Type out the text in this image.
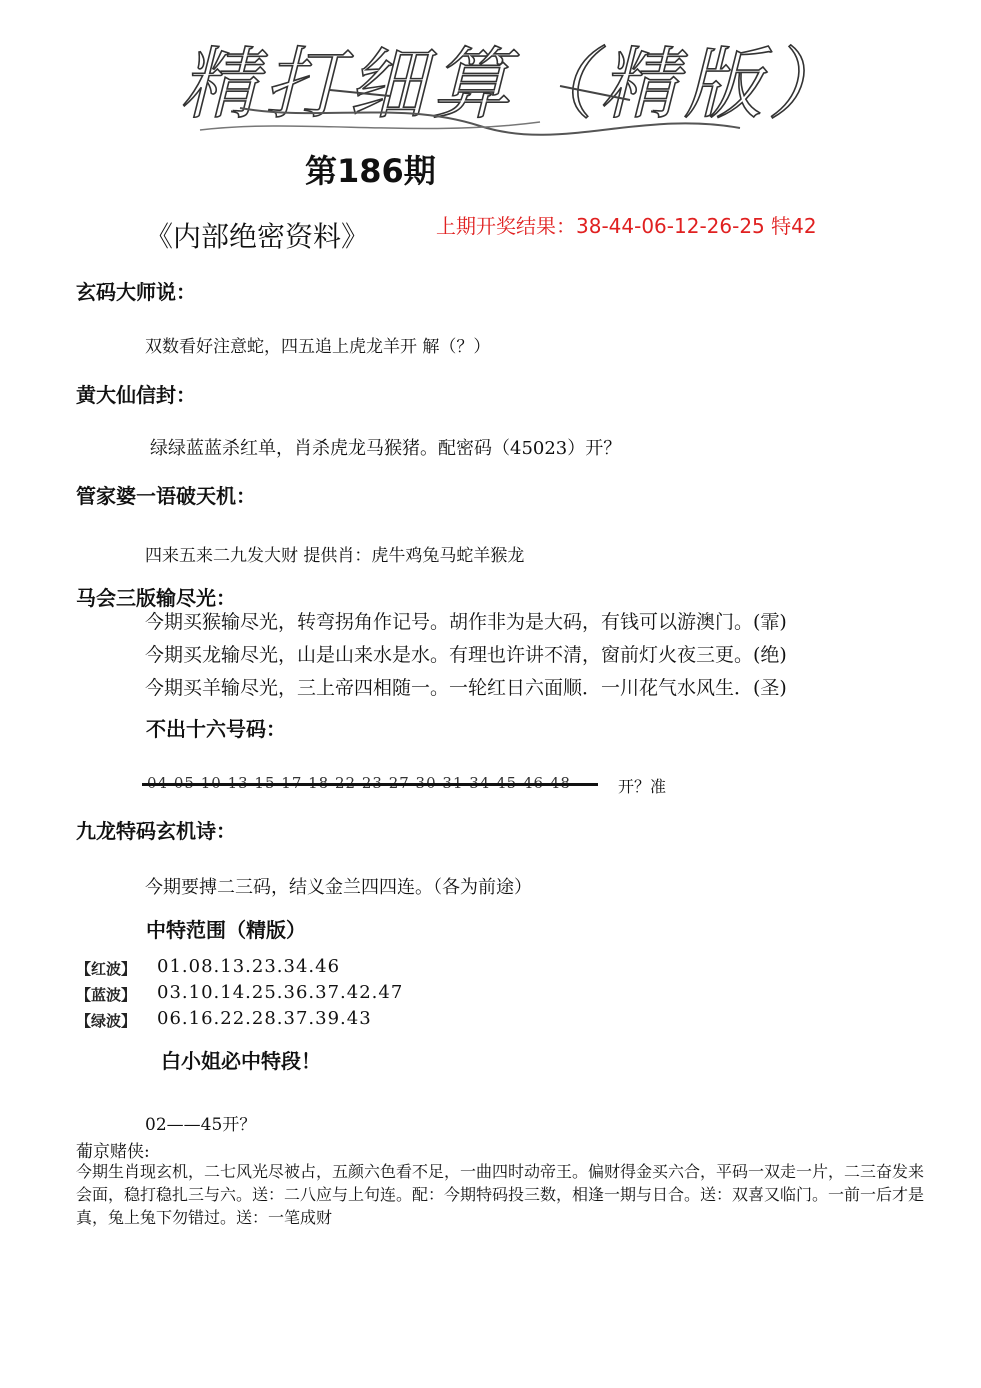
精打细算（精版）
第186期
《内部绝密资料》	上期开奖结果：38-44-06-12-26-25 特42
玄码大师说：
双数看好注意蛇，四五追上虎龙羊开 解（？）
黄大仙信封：
绿绿蓝蓝杀红单，肖杀虎龙马猴猪。配密码（45023）开？
管家婆一语破天机：
四来五来二九发大财 提供肖：虎牛鸡兔马蛇羊猴龙
马会三版输尽光：
今期买猴输尽光，转弯拐角作记号。胡作非为是大码，有钱可以游澳门。(霏)
今期买龙输尽光，山是山来水是水。有理也许讲不清，窗前灯火夜三更。(绝)
今期买羊输尽光，三上帝四相随一。一轮红日六面顺．一川花气水风生．(圣)
不出十六号码：
开？准
九龙特码玄机诗：
今期要搏二三码，结义金兰四四连。（各为前途）
中特范围（精版）
【红波】 01.08.13.23.34.46
【蓝波】 03.10.14.25.36.37.42.47
【绿波】 06.16.22.28.37.39.43
白小姐必中特段！
02——45开？
葡京赌侠:
今期生肖现玄机，二七风光尽被占，五颜六色看不足，一曲四时动帝王。偏财得金买六合，平码一双走一片，二三奋发来会面，稳打稳扎三与六。送：二八应与上句连。配：今期特码投三数，相逢一期与日合。送：双喜又临门。一前一后才是真，兔上兔下勿错过。送：一笔成财
